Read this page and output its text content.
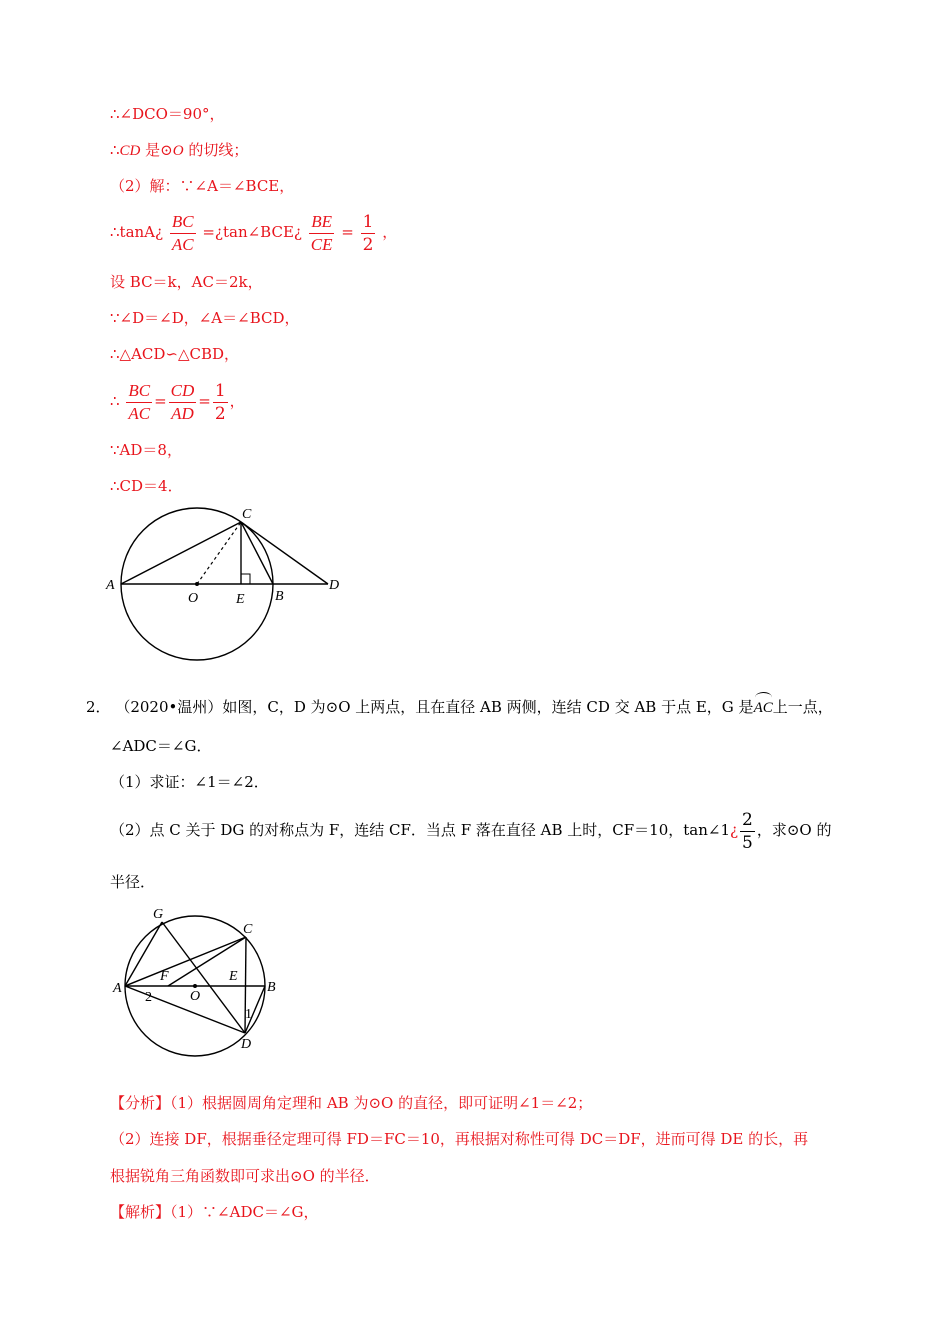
∴∠DCO＝90°，
∴CD 是⊙O 的切线；
（2）解：∵∠A＝∠BCE，
∴tanA¿ $\frac{BC}{AC}$ =¿tan∠BCE¿ $\frac{BE}{CE} = \frac{1}{2}$ ，
设 BC＝k，AC＝2k，
∵∠D＝∠D，∠A＝∠BCD，
∴△ACD∽△CBD，
∴ $\frac{BC}{AC} = \frac{CD}{AD} = \frac{1}{2}$ ，
∵AD＝8，
∴CD＝4．
A
O	E B
C
D
2． （2020•温州）如图，C，D 为⊙O 上两点，且在直径 AB 两侧，连结 CD 交 AB 于点 E，G 是AC上一点，
∠ADC＝∠G．
（1）求证：∠1＝∠2．
（2）点 C 关于 DG 的对称点为 F，连结 CF．当点 F 落在直径 AB 上时，CF＝10，tan∠1¿ $\frac{2}{5}$ ，求⊙O 的
半径．
G
C
A
F	E
B
O
D
1
2
【分析】（1）根据圆周角定理和 AB 为⊙O 的直径，即可证明∠1＝∠2；
（2）连接 DF，根据垂径定理可得 FD＝FC＝10，再根据对称性可得 DC＝DF，进而可得 DE 的长，再
根据锐角三角函数即可求出⊙O 的半径．
【解析】（1）∵∠ADC＝∠G，
